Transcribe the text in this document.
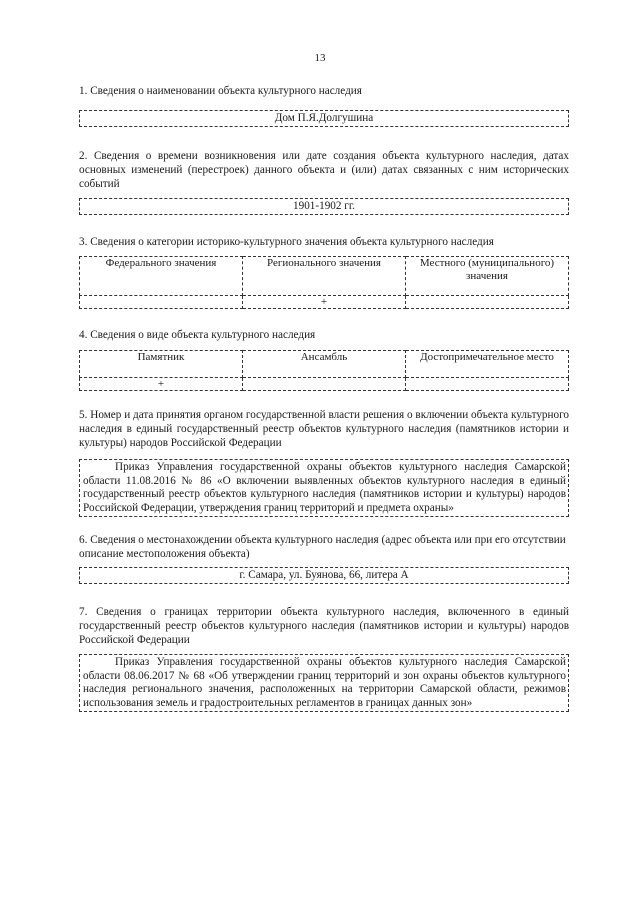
13
1. Сведения о наименовании объекта культурного наследия
Дом П.Я.Долгушина
2. Сведения о времени возникновения или дате создания объекта культурного наследия, датах основных изменений (перестроек) данного объекта и (или) датах связанных с ним исторических событий
1901-1902 гг.
3. Сведения о категории историко-культурного значения объекта культурного наследия
Федерального значения	Регионального значения	Местного (муниципального) значения
	+	
4. Сведения о виде объекта культурного наследия
Памятник	Ансамбль	Достопримечательное место
+		
5. Номер и дата принятия органом государственной власти решения о включении объекта культурного наследия в единый государственный реестр объектов культурного наследия (памятников истории и культуры) народов Российской Федерации
Приказ Управления государственной охраны объектов культурного наследия Самарской области 11.08.2016 № 86 «О включении выявленных объектов культурного наследия в единый государственный реестр объектов культурного наследия (памятников истории и культуры) народов Российской Федерации, утверждения границ территорий и предмета охраны»
6. Сведения о местонахождении объекта культурного наследия (адрес объекта или при его отсутствии описание местоположения объекта)
г. Самара, ул. Буянова, 66, литера А
7. Сведения о границах территории объекта культурного наследия, включенного в единый государственный реестр объектов культурного наследия (памятников истории и культуры) народов Российской Федерации
Приказ Управления государственной охраны объектов культурного наследия Самарской области 08.06.2017 № 68 «Об утверждении границ территорий и зон охраны объектов культурного наследия регионального значения, расположенных на территории Самарской области, режимов использования земель и градостроительных регламентов в границах данных зон»
